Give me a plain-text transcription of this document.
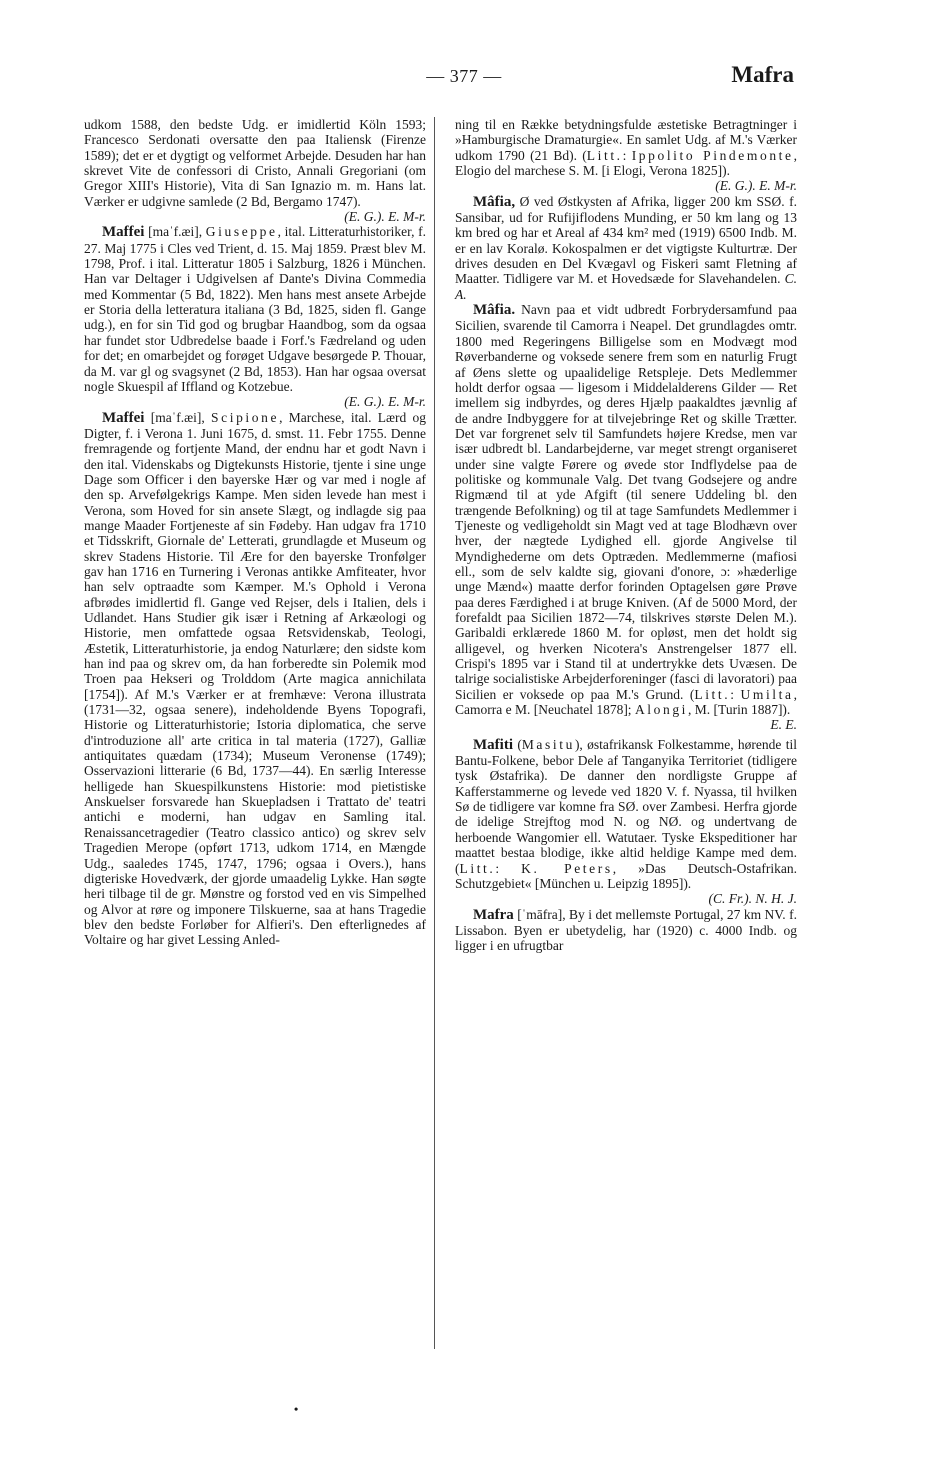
— 377 —	Mafra

udkom 1588, den bedste Udg. er imidlertid Köln 1593; Francesco Serdonati oversatte den paa Italiensk (Firenze 1589); det er et dygtigt og velformet Arbejde. Desuden har han skrevet Vite de confessori di Cristo, Annali Gregoriani (om Gregor XIII's Historie), Vita di San Ignazio m. m. Hans lat. Værker er udgivne samlede (2 Bd, Bergamo 1747).

(E. G.). E. M-r.

Maffei [maˈf.æi], Giuseppe, ital. Litteraturhistoriker, f. 27. Maj 1775 i Cles ved Trient, d. 15. Maj 1859. Præst blev M. 1798, Prof. i ital. Litteratur 1805 i Salzburg, 1826 i München. Han var Deltager i Udgivelsen af Dante's Divina Commedia med Kommentar (5 Bd, 1822). Men hans mest ansete Arbejde er Storia della letteratura italiana (3 Bd, 1825, siden fl. Gange udg.), en for sin Tid god og brugbar Haandbog, som da ogsaa har fundet stor Udbredelse baade i Forf.'s Fædreland og uden for det; en omarbejdet og forøget Udgave besørgede P. Thouar, da M. var gl og svagsynet (2 Bd, 1853). Han har ogsaa oversat nogle Skuespil af Iffland og Kotzebue.

(E. G.). E. M-r.

Maffei [maˈf.æi], Scipione, Marchese, ital. Lærd og Digter, f. i Verona 1. Juni 1675, d. smst. 11. Febr 1755. Denne fremragende og fortjente Mand, der endnu har et godt Navn i den ital. Videnskabs og Digtekunsts Historie, tjente i sine unge Dage som Officer i den bayerske Hær og var med i nogle af den sp. Arvefølgekrigs Kampe. Men siden levede han mest i Verona, som Hoved for sin ansete Slægt, og indlagde sig paa mange Maader Fortjeneste af sin Fødeby. Han udgav fra 1710 et Tidsskrift, Giornale de' Letterati, grundlagde et Museum og skrev Stadens Historie. Til Ære for den bayerske Tronfølger gav han 1716 en Turnering i Veronas antikke Amfiteater, hvor han selv optraadte som Kæmper. M.'s Ophold i Verona afbrødes imidlertid fl. Gange ved Rejser, dels i Italien, dels i Udlandet. Hans Studier gik især i Retning af Arkæologi og Historie, men omfattede ogsaa Retsvidenskab, Teologi, Æstetik, Litteraturhistorie, ja endog Naturlære; den sidste kom han ind paa og skrev om, da han forberedte sin Polemik mod Troen paa Hekseri og Trolddom (Arte magica annichilata [1754]). Af M.'s Værker er at fremhæve: Verona illustrata (1731—32, ogsaa senere), indeholdende Byens Topografi, Historie og Litteraturhistorie; Istoria diplomatica, che serve d'introduzione all' arte critica in tal materia (1727), Galliæ antiquitates quædam (1734); Museum Veronense (1749); Osservazioni litterarie (6 Bd, 1737—44). En særlig Interesse helligede han Skuespilkunstens Historie: mod pietistiske Anskuelser forsvarede han Skuepladsen i Trattato de' teatri antichi e moderni, han udgav en Samling ital. Renaissancetragedier (Teatro classico antico) og skrev selv Tragedien Merope (opført 1713, udkom 1714, en Mængde Udg., saaledes 1745, 1747, 1796; ogsaa i Overs.), hans digteriske Hovedværk, der gjorde umaadelig Lykke. Han søgte heri tilbage til de gr. Mønstre og forstod ved en vis Simpelhed og Alvor at røre og imponere Tilskuerne, saa at hans Tragedie blev den bedste Forløber for Alfieri's. Den efterlignedes af Voltaire og har givet Lessing Anled-

ning til en Række betydningsfulde æstetiske Betragtninger i »Hamburgische Dramaturgie«. En samlet Udg. af M.'s Værker udkom 1790 (21 Bd). (Litt.: Ippolito Pindemonte, Elogio del marchese S. M. [i Elogi, Verona 1825]).

(E. G.). E. M-r.

Mâfia, Ø ved Østkysten af Afrika, ligger 200 km SSØ. f. Sansibar, ud for Rufijiflodens Munding, er 50 km lang og 13 km bred og har et Areal af 434 km² med (1919) 6500 Indb. M. er en lav Koralø. Kokospalmen er det vigtigste Kulturtræ. Der drives desuden en Del Kvægavl og Fiskeri samt Fletning af Maatter. Tidligere var M. et Hovedsæde for Slavehandelen. C. A.

Mâfia. Navn paa et vidt udbredt Forbrydersamfund paa Sicilien, svarende til Camorra i Neapel. Det grundlagdes omtr. 1800 med Regeringens Billigelse som en Modvægt mod Røverbanderne og voksede senere frem som en naturlig Frugt af Øens slette og upaalidelige Retspleje. Dets Medlemmer holdt derfor ogsaa — ligesom i Middelalderens Gilder — Ret imellem sig indbyrdes, og deres Hjælp paakaldtes jævnlig af de andre Indbyggere for at tilvejebringe Ret og skille Trætter. Det var forgrenet selv til Samfundets højere Kredse, men var især udbredt bl. Landarbejderne, var meget strengt organiseret under sine valgte Førere og øvede stor Indflydelse paa de politiske og kommunale Valg. Det tvang Godsejere og andre Rigmænd til at yde Afgift (til senere Uddeling bl. den trængende Befolkning) og til at tage Samfundets Medlemmer i Tjeneste og vedligeholdt sin Magt ved at tage Blodhævn over hver, der nægtede Lydighed ell. gjorde Angivelse til Myndighederne om dets Optræden. Medlemmerne (mafiosi ell., som de selv kaldte sig, giovani d'onore, ɔ: »hæderlige unge Mænd«) maatte derfor forinden Optagelsen gøre Prøve paa deres Færdighed i at bruge Kniven. (Af de 5000 Mord, der forefaldt paa Sicilien 1872—74, tilskrives største Delen M.). Garibaldi erklærede 1860 M. for opløst, men det holdt sig alligevel, og hverken Nicotera's Anstrengelser 1877 ell. Crispi's 1895 var i Stand til at undertrykke dets Uvæsen. De talrige socialistiske Arbejderforeninger (fasci di lavoratori) paa Sicilien er voksede op paa M.'s Grund. (Litt.: Umilta, Camorra e M. [Neuchatel 1878]; Alongi, M. [Turin 1887]).

E. E.

Mafiti (Masitu), østafrikansk Folkestamme, hørende til Bantu-Folkene, bebor Dele af Tanganyika Territoriet (tidligere tysk Østafrika). De danner den nordligste Gruppe af Kafferstammerne og levede ved 1820 V. f. Nyassa, til hvilken Sø de tidligere var komne fra SØ. over Zambesi. Herfra gjorde de idelige Strejftog mod N. og NØ. og undertvang de herboende Wangomier ell. Watutaer. Tyske Ekspeditioner har maattet bestaa blodige, ikke altid heldige Kampe med dem. (Litt.: K. Peters, »Das Deutsch-Ostafrikan. Schutzgebiet« [München u. Leipzig 1895]).

(C. Fr.). N. H. J.

Mafra [ˈmāfra], By i det mellemste Portugal, 27 km NV. f. Lissabon. Byen er ubetydelig, har (1920) c. 4000 Indb. og ligger i en ufrugtbar

•
